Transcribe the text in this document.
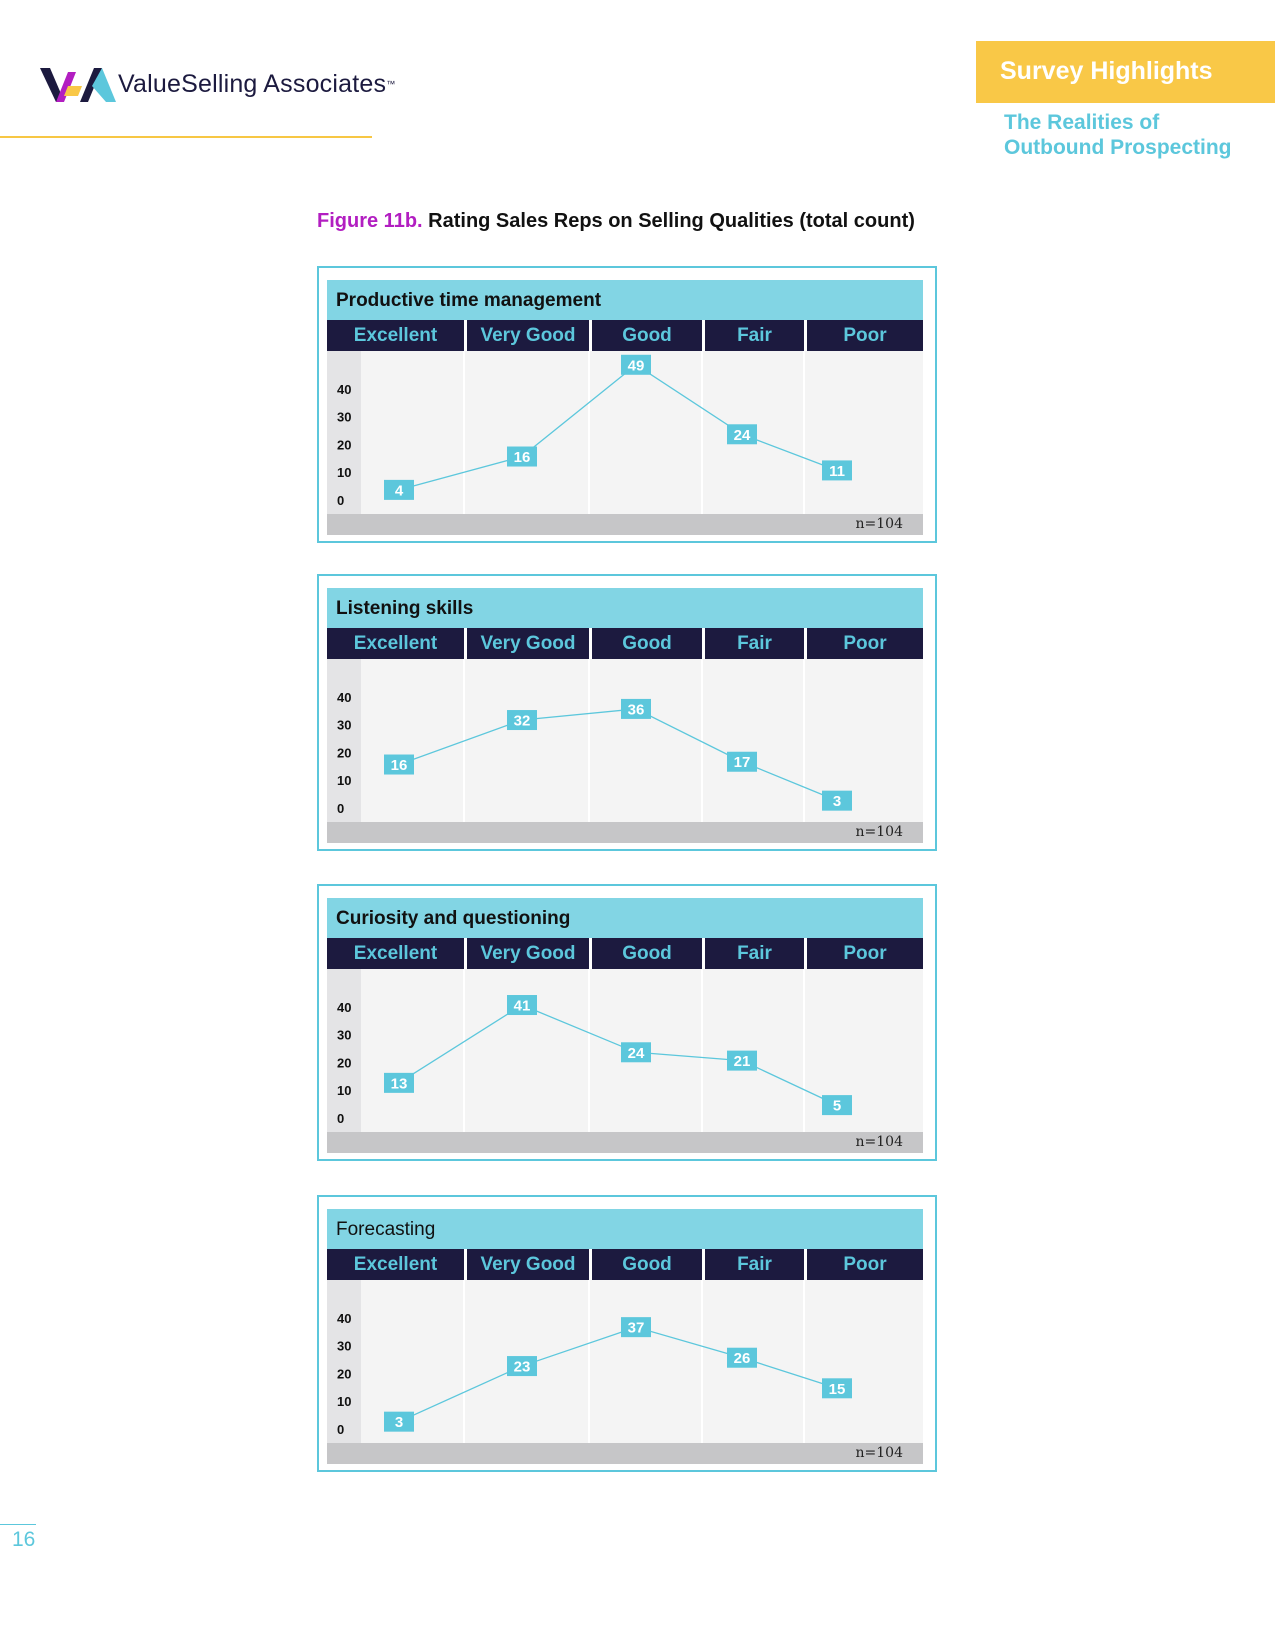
ValueSelling Associates ™	Survey Highlights
The Realities of
Outbound Prospecting
Figure 11b. Rating Sales Reps on Selling Qualities (total count)
Productive time management
Excellent	Very Good	Good	Fair	Poor
0
10
20
30
40
4
16
49
24
11
n=104
Listening skills
Excellent	Very Good	Good	Fair	Poor
0
10
20
30
40
16
32
36
17
3
n=104
Curiosity and questioning
Excellent	Very Good	Good	Fair	Poor
0
10
20
30
40
13
41
24	21
5
n=104
Forecasting
Excellent	Very Good	Good	Fair	Poor
0
10
20
30
40
3
23
37
26
15
n=104
16
